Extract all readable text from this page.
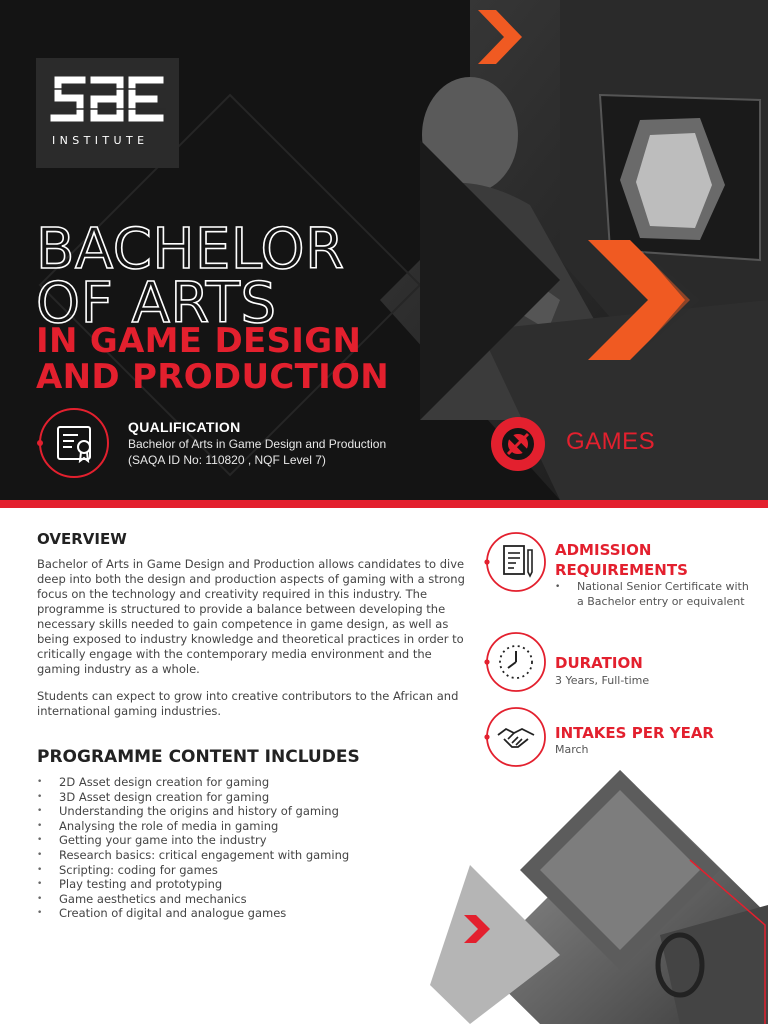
INSTITUTE
BACHELOR
OF ARTS
IN GAME DESIGN
AND PRODUCTION
QUALIFICATION
Bachelor of Arts in Game Design and Production
(SAQA ID No: 110820 , NQF Level 7)
GAMES
OVERVIEW

Bachelor of Arts in Game Design and Production allows candidates to dive deep into both the design and production aspects of gaming with a strong focus on the technology and creativity required in this industry. The programme is structured to provide a balance between developing the necessary skills needed to gain competence in game design, as well as being exposed to industry knowledge and theoretical practices in order to critically engage with the contemporary media environment and the gaming industry as a whole.

Students can expect to grow into creative contributors to the African and international gaming industries.

PROGRAMME CONTENT INCLUDES
• 2D Asset design creation for gaming
• 3D Asset design creation for gaming
• Understanding the origins and history of gaming
• Analysing the role of media in gaming
• Getting your game into the industry
• Research basics: critical engagement with gaming
• Scripting: coding for games
• Play testing and prototyping
• Game aesthetics and mechanics
• Creation of digital and analogue games
ADMISSION
REQUIREMENTS
• National Senior Certificate with a Bachelor entry or equivalent
DURATION
3 Years, Full-time
INTAKES PER YEAR
March
